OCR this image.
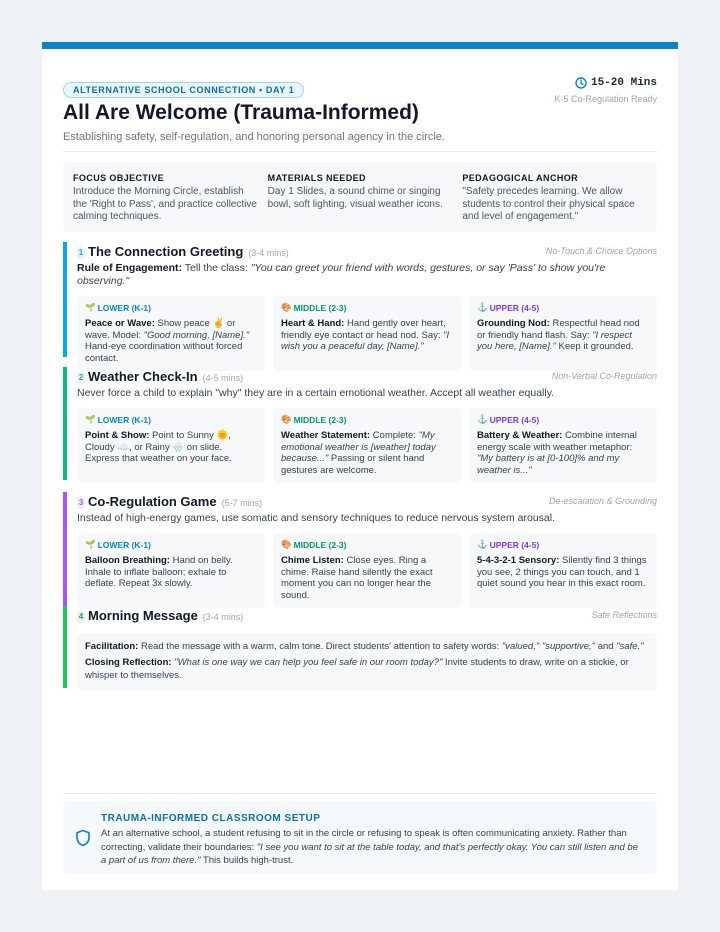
ALTERNATIVE SCHOOL CONNECTION • DAY 1
15-20 Mins
K-5 Co-Regulation Ready
All Are Welcome (Trauma-Informed)
Establishing safety, self-regulation, and honoring personal agency in the circle.
FOCUS OBJECTIVE
Introduce the Morning Circle, establish the 'Right to Pass', and practice collective calming techniques.
MATERIALS NEEDED
Day 1 Slides, a sound chime or singing bowl, soft lighting, visual weather icons.
PEDAGOGICAL ANCHOR
"Safety precedes learning. We allow students to control their physical space and level of engagement."
1 The Connection Greeting (3-4 mins)	No-Touch & Choice Options
Rule of Engagement: Tell the class: "You can greet your friend with words, gestures, or say 'Pass' to show you're observing."
🌱 LOWER (K-1)
Peace or Wave: Show peace ✌️ or wave. Model: "Good morning, [Name]." Hand-eye coordination without forced contact.
🎨 MIDDLE (2-3)
Heart & Hand: Hand gently over heart, friendly eye contact or head nod. Say: "I wish you a peaceful day, [Name]."
⚓ UPPER (4-5)
Grounding Nod: Respectful head nod or friendly hand flash. Say: "I respect you here, [Name]." Keep it grounded.
2 Weather Check-In (4-5 mins)	Non-Verbal Co-Regulation
Never force a child to explain "why" they are in a certain emotional weather. Accept all weather equally.
🌱 LOWER (K-1)
Point & Show: Point to Sunny 🌞, Cloudy ☁️, or Rainy 🌧️ on slide. Express that weather on your face.
🎨 MIDDLE (2-3)
Weather Statement: Complete: "My emotional weather is [weather] today because..." Passing or silent hand gestures are welcome.
⚓ UPPER (4-5)
Battery & Weather: Combine internal energy scale with weather metaphor: "My battery is at [0-100]% and my weather is..."
3 Co-Regulation Game (5-7 mins)	De-escalation & Grounding
Instead of high-energy games, use somatic and sensory techniques to reduce nervous system arousal.
🌱 LOWER (K-1)
Balloon Breathing: Hand on belly. Inhale to inflate balloon; exhale to deflate. Repeat 3x slowly.
🎨 MIDDLE (2-3)
Chime Listen: Close eyes. Ring a chime. Raise hand silently the exact moment you can no longer hear the sound.
⚓ UPPER (4-5)
5-4-3-2-1 Sensory: Silently find 3 things you see, 2 things you can touch, and 1 quiet sound you hear in this exact room.
4 Morning Message (3-4 mins)	Safe Reflections
Facilitation: Read the message with a warm, calm tone. Direct students' attention to safety words: "valued," "supportive," and "safe."
Closing Reflection: "What is one way we can help you feel safe in our room today?" Invite students to draw, write on a stickie, or whisper to themselves.
TRAUMA-INFORMED CLASSROOM SETUP
At an alternative school, a student refusing to sit in the circle or refusing to speak is often communicating anxiety. Rather than correcting, validate their boundaries: "I see you want to sit at the table today, and that's perfectly okay. You can still listen and be a part of us from there." This builds high-trust.
